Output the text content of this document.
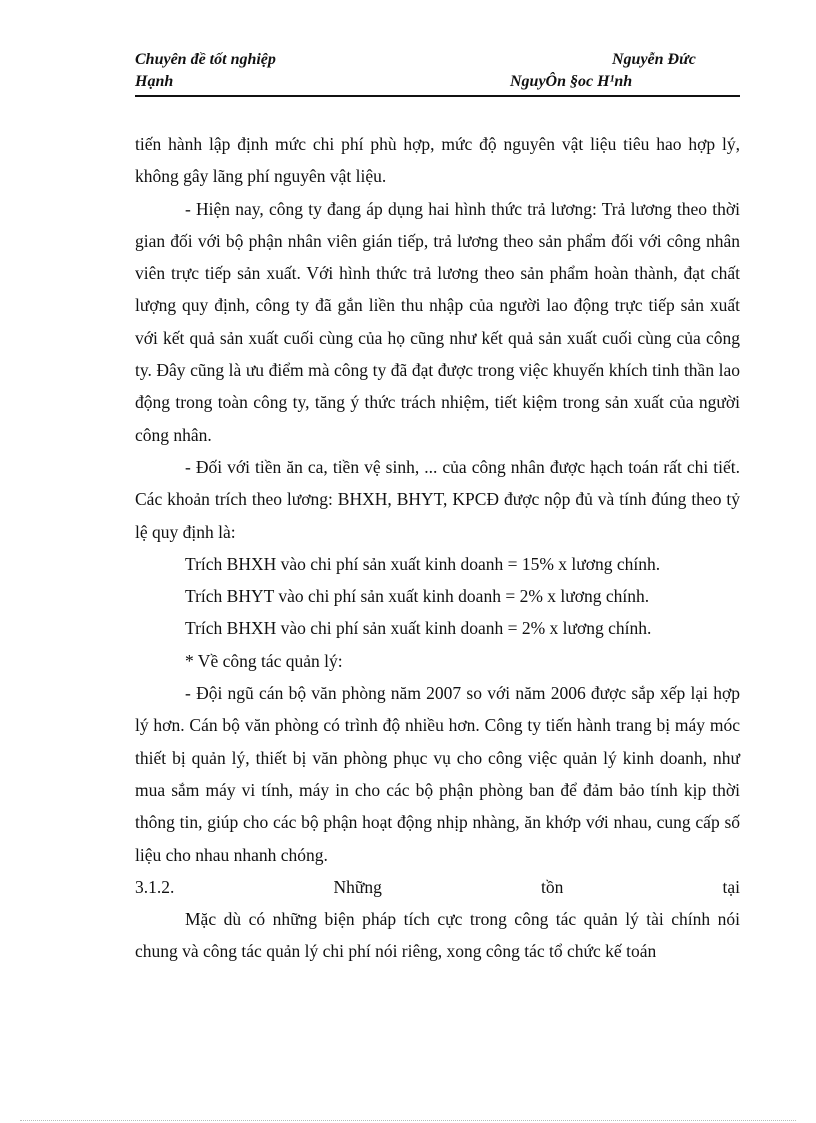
Chuyên đề tốt nghiệp	Nguyễn Đức
Hạnh	NguyÔn §oc H¹nh

tiến hành lập định mức chi phí phù hợp, mức độ nguyên vật liệu tiêu hao hợp lý, không gây lãng phí nguyên vật liệu.

- Hiện nay, công ty đang áp dụng hai hình thức trả lương: Trả lương theo thời gian đối với bộ phận nhân viên gián tiếp, trả lương theo sản phẩm đối với công nhân viên trực tiếp sản xuất. Với hình thức trả lương theo sản phẩm hoàn thành, đạt chất lượng quy định, công ty đã gắn liền thu nhập của người lao động trực tiếp sản xuất với kết quả sản xuất cuối cùng của họ cũng như kết quả sản xuất cuối cùng của công ty. Đây cũng là ưu điểm mà công ty đã đạt được trong việc khuyến khích tinh thần lao động trong toàn công ty, tăng ý thức trách nhiệm, tiết kiệm trong sản xuất của người công nhân.

- Đối với tiền ăn ca, tiền vệ sinh, ... của công nhân được hạch toán rất chi tiết. Các khoản trích theo lương: BHXH, BHYT, KPCĐ được nộp đủ và tính đúng theo tỷ lệ quy định là:

Trích BHXH vào chi phí sản xuất kinh doanh = 15% x lương chính.

Trích BHYT vào chi phí sản xuất kinh doanh = 2% x lương chính.

Trích BHXH vào chi phí sản xuất kinh doanh = 2% x lương chính.

* Về công tác quản lý:

- Đội ngũ cán bộ văn phòng năm 2007 so với năm 2006 được sắp xếp lại hợp lý hơn. Cán bộ văn phòng có trình độ nhiều hơn. Công ty tiến hành trang bị máy móc thiết bị quản lý, thiết bị văn phòng phục vụ cho công việc quản lý kinh doanh, như mua sắm máy vi tính, máy in cho các bộ phận phòng ban để đảm bảo tính kịp thời thông tin, giúp cho các bộ phận hoạt động nhịp nhàng, ăn khớp với nhau, cung cấp số liệu cho nhau nhanh chóng.

3.1.2.	Những	tồn	tại

Mặc dù có những biện pháp tích cực trong công tác quản lý tài chính nói chung và công tác quản lý chi phí nói riêng, xong công tác tổ chức kế toán
